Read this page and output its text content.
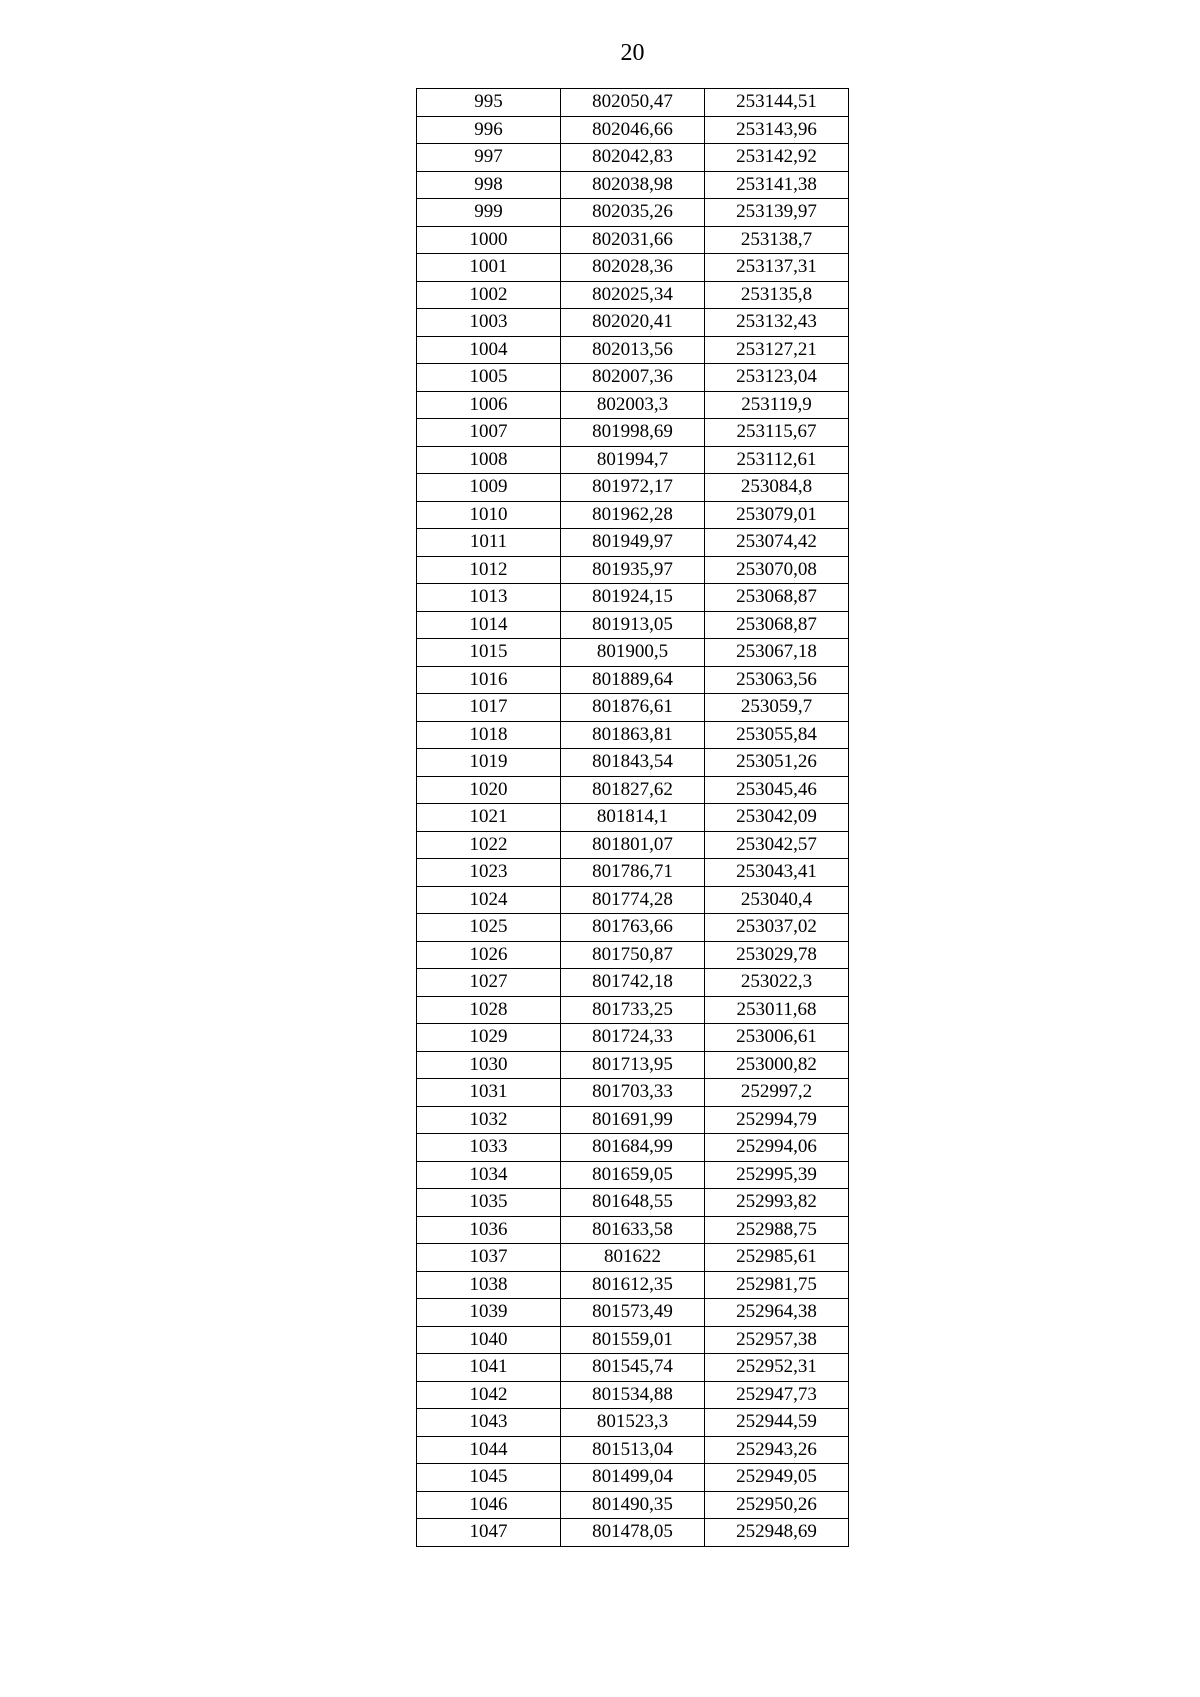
20
995	802050,47	253144,51
996	802046,66	253143,96
997	802042,83	253142,92
998	802038,98	253141,38
999	802035,26	253139,97
1000	802031,66	253138,7
1001	802028,36	253137,31
1002	802025,34	253135,8
1003	802020,41	253132,43
1004	802013,56	253127,21
1005	802007,36	253123,04
1006	802003,3	253119,9
1007	801998,69	253115,67
1008	801994,7	253112,61
1009	801972,17	253084,8
1010	801962,28	253079,01
1011	801949,97	253074,42
1012	801935,97	253070,08
1013	801924,15	253068,87
1014	801913,05	253068,87
1015	801900,5	253067,18
1016	801889,64	253063,56
1017	801876,61	253059,7
1018	801863,81	253055,84
1019	801843,54	253051,26
1020	801827,62	253045,46
1021	801814,1	253042,09
1022	801801,07	253042,57
1023	801786,71	253043,41
1024	801774,28	253040,4
1025	801763,66	253037,02
1026	801750,87	253029,78
1027	801742,18	253022,3
1028	801733,25	253011,68
1029	801724,33	253006,61
1030	801713,95	253000,82
1031	801703,33	252997,2
1032	801691,99	252994,79
1033	801684,99	252994,06
1034	801659,05	252995,39
1035	801648,55	252993,82
1036	801633,58	252988,75
1037	801622	252985,61
1038	801612,35	252981,75
1039	801573,49	252964,38
1040	801559,01	252957,38
1041	801545,74	252952,31
1042	801534,88	252947,73
1043	801523,3	252944,59
1044	801513,04	252943,26
1045	801499,04	252949,05
1046	801490,35	252950,26
1047	801478,05	252948,69
